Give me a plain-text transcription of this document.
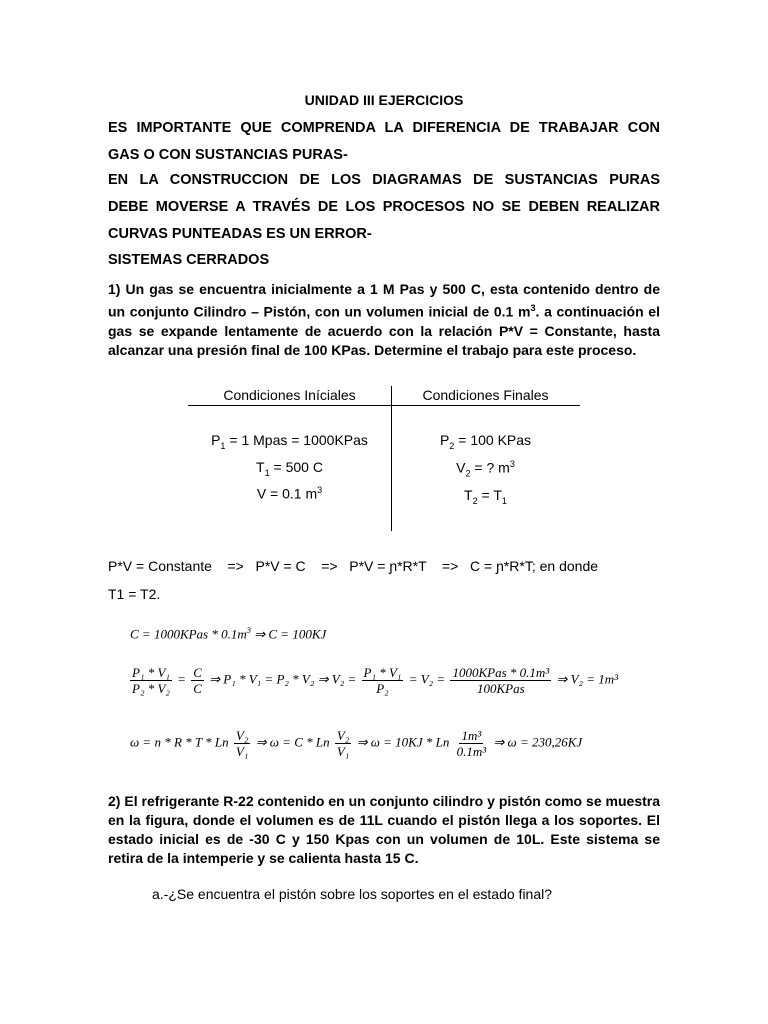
UNIDAD III EJERCICIOS
ES IMPORTANTE QUE COMPRENDA LA DIFERENCIA DE TRABAJAR CON
GAS O CON SUSTANCIAS PURAS-
EN LA CONSTRUCCION DE LOS DIAGRAMAS DE SUSTANCIAS PURAS
DEBE MOVERSE A TRAVÉS DE LOS PROCESOS NO SE DEBEN REALIZAR
CURVAS PUNTEADAS ES UN ERROR-
SISTEMAS CERRADOS
1) Un gas se encuentra inicialmente a 1 M Pas y 500 C, esta contenido dentro de un conjunto Cilindro – Pistón, con un volumen inicial de 0.1 $m^3$. a continuación el gas se expande lentamente de acuerdo con la relación P*V = Constante, hasta alcanzar una presión final de 100 KPas. Determine el trabajo para este proceso.
Condiciones Iníciales	Condiciones Finales
$P_1 = 1$ Mpas = 1000KPas
$T_1 = 500$ C
V = 0.1 $m^3$
$P_2 = 100$ KPas
$V_2$ = ? $m^3$
$T_2 = T_1$
P*V = Constante    =>   P*V = C    =>   P*V = ɲ*R*T    =>   C = ɲ*R*T; en donde
T1 = T2.
C = 1000KPas * $0.1m^3$ ⇒ C = 100KJ
$\frac{\text{P₁ * V₁}}{\text{P₂ * V₂}} = \frac{C}{C}$ ⇒ P₁ * V₁ = P₂ * V₂ ⇒ $V_2 = \frac{\text{P₁ * V₁}}{\text{P₂}} = V_2 = \frac{\text{1000KPas * 0.1m³}}{\text{100KPas}}$ ⇒ V₂ = 1m³
ω = n * R * T * Ln $\frac{\text{V₂}}{\text{V₁}}$ ⇒ ω = C * Ln $\frac{\text{V₂}}{\text{V₁}}$ ⇒ ω = 10KJ * Ln $\frac{\text{1m³}}{\text{0.1m³}}$ ⇒ ω = 230,26KJ
2) El refrigerante R-22 contenido en un conjunto cilindro y pistón como se muestra en la figura, donde el volumen es de 11L cuando el pistón llega a los soportes. El estado inicial es de -30 C y 150 Kpas con un volumen de 10L. Este sistema se retira de la intemperie y se calienta hasta 15 C.
a.-¿Se encuentra el pistón sobre los soportes en el estado final?
